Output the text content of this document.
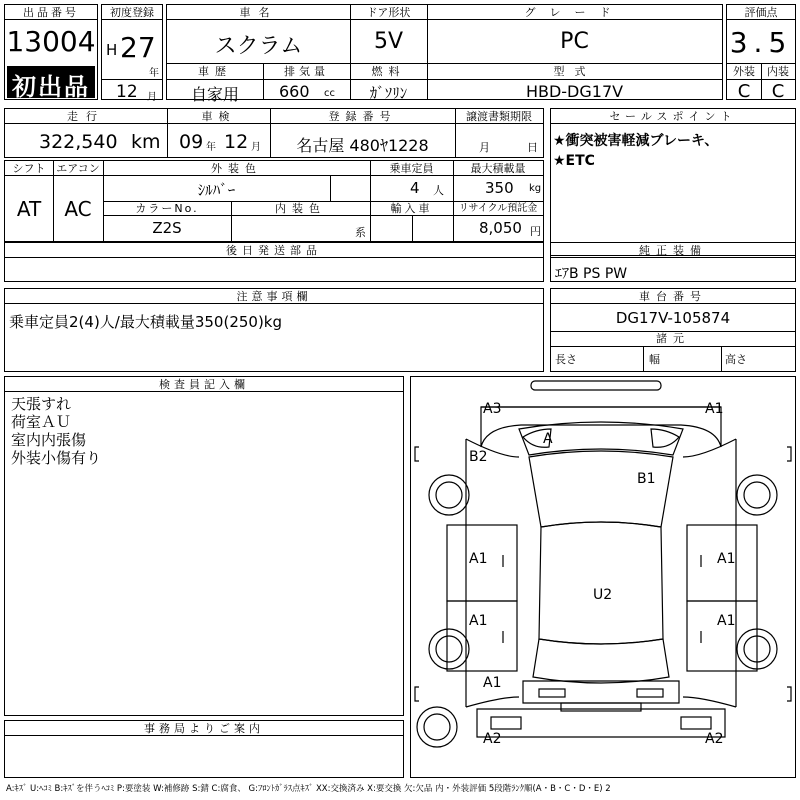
出品番号
13004
初出品
初度登録
H 27
年
12 月
車名
スクラム
ドア形状
5V
グレード
PC
車歴
自家用
排気量
660 cc
燃料
ｶﾞｿﾘﾝ
型式
HBD-DG17V
評価点
3.5
外装	内装
C	C
走行
322,540 km
車検
09 年 12 月
登録番号
名古屋 480ﾔ1228
譲渡書類期限
月	日
セールスポイント
★衝突被害軽減ブレーキ、
★ETC
シフト
AT
エアコン
AC
外装色
ｼﾙﾊﾞｰ
乗車定員
4 人
最大積載量
350 kg
カラーNo.
Z2S
内装色
系
輸入車	リサイクル預託金
8,050 円
後日発送部品	純正装備
ｴｱB PS PW
注意事項欄
乗車定員2(4)人/最大積載量350(250)kg
車台番号
DG17V-105874
諸元
長さ	幅	高さ
検査員記入欄
天張すれ
荷室ＡＵ
室内内張傷
外装小傷有り
事務局よりご案内
A3	A1
A
B2
B1
A1	A1
U2
A1	A1
A1
A2	A2
A:ｷｽﾞ U:ﾍｺﾐ B:ｷｽﾞを伴うﾍｺﾐ P:要塗装 W:補修跡 S:錆 C:腐食、 G:ﾌﾛﾝﾄｶﾞﾗｽ点ｷｽﾞ XX:交換済み X:要交換 欠:欠品 内・外装評価 5段階ﾗﾝｸ順(A・B・C・D・E) 2
